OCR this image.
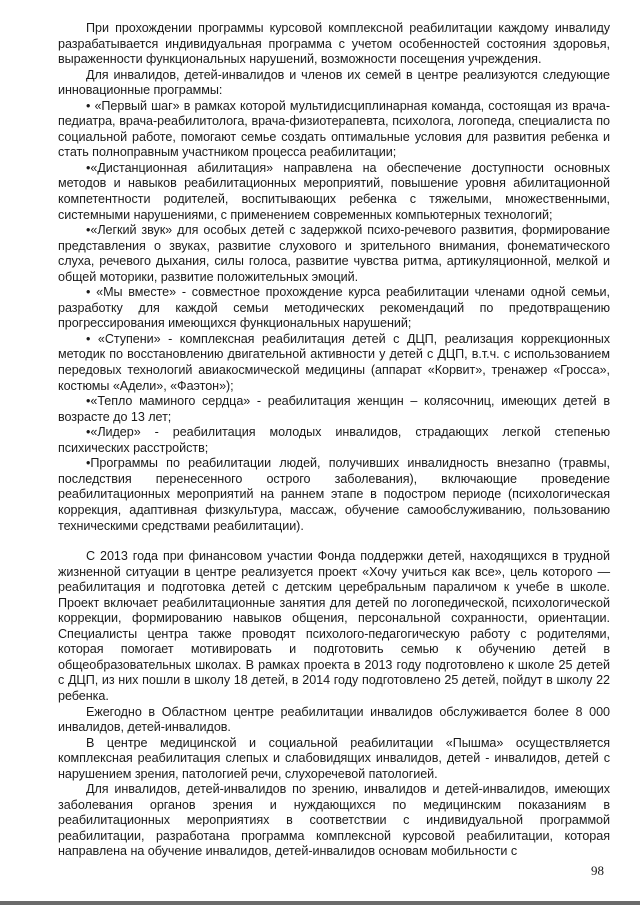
При прохождении программы курсовой комплексной реабилитации каждому инвалиду разрабатывается индивидуальная программа с учетом особенностей состояния здоровья, выраженности функциональных нарушений, возможности посещения учреждения.

Для инвалидов, детей-инвалидов и членов их семей в центре реализуются следующие инновационные программы:

• «Первый шаг» в рамках которой мультидисциплинарная команда, состоящая из врача-педиатра, врача-реабилитолога, врача-физиотерапевта, психолога, логопеда, специалиста по социальной работе, помогают семье создать оптимальные условия для развития ребенка и стать полноправным участником процесса реабилитации;

•«Дистанционная абилитация» направлена на обеспечение доступности основных методов и навыков реабилитационных мероприятий, повышение уровня абилитационной компетентности родителей, воспитывающих ребенка с тяжелыми, множественными, системными нарушениями, с применением современных компьютерных технологий;

•«Легкий звук» для особых детей с задержкой психо-речевого развития, формирование представления о звуках, развитие слухового и зрительного внимания, фонематического слуха, речевого дыхания, силы голоса, развитие чувства ритма, артикуляционной, мелкой и общей моторики, развитие положительных эмоций.

• «Мы вместе» - совместное прохождение курса реабилитации членами одной семьи, разработку для каждой семьи методических рекомендаций по предотвращению прогрессирования имеющихся функциональных нарушений;

• «Ступени» - комплексная реабилитация детей с ДЦП, реализация коррекционных методик по восстановлению двигательной активности у детей с ДЦП, в.т.ч. с использованием передовых технологий авиакосмической медицины (аппарат «Корвит», тренажер «Гросса», костюмы «Адели», «Фаэтон»);

•«Тепло маминого сердца» - реабилитация женщин – колясочниц, имеющих детей в возрасте до 13 лет;

•«Лидер» - реабилитация молодых инвалидов, страдающих легкой степенью психических расстройств;

•Программы по реабилитации людей, получивших инвалидность внезапно (травмы, последствия перенесенного острого заболевания), включающие проведение реабилитационных мероприятий на раннем этапе в подостром периоде (психологическая коррекция, адаптивная физкультура, массаж, обучение самообслуживанию, пользованию техническими средствами реабилитации).

С 2013 года при финансовом участии Фонда поддержки детей, находящихся в трудной жизненной ситуации в центре реализуется проект «Хочу учиться как все», цель которого — реабилитация и подготовка детей с детским церебральным параличом к учебе в школе. Проект включает реабилитационные занятия для детей по логопедической, психологической коррекции, формированию навыков общения, персональной сохранности, ориентации. Специалисты центра также проводят психолого-педагогическую работу с родителями, которая помогает мотивировать и подготовить семью к обучению детей в общеобразовательных школах. В рамках проекта в 2013 году подготовлено к школе 25 детей с ДЦП, из них пошли в школу 18 детей, в 2014 году подготовлено 25 детей, пойдут в школу 22 ребенка.

Ежегодно в Областном центре реабилитации инвалидов обслуживается более 8 000 инвалидов, детей-инвалидов.

В центре медицинской и социальной реабилитации «Пышма» осуществляется комплексная реабилитация слепых и слабовидящих инвалидов, детей - инвалидов, детей с нарушением зрения, патологией речи, слухоречевой патологией.

Для инвалидов, детей-инвалидов по зрению, инвалидов и детей-инвалидов, имеющих заболевания органов зрения и нуждающихся по медицинским показаниям в реабилитационных мероприятиях в соответствии с индивидуальной программой реабилитации, разработана программа комплексной курсовой реабилитации, которая направлена на обучение инвалидов, детей-инвалидов основам мобильности с

98
